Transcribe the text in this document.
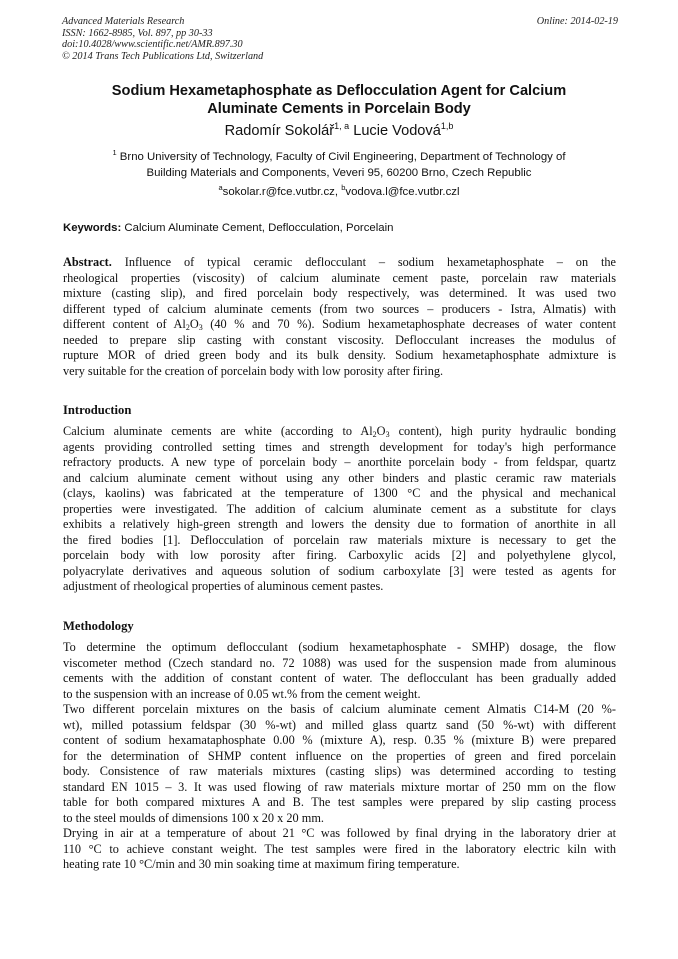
Advanced Materials Research
ISSN: 1662-8985, Vol. 897, pp 30-33
doi:10.4028/www.scientific.net/AMR.897.30
© 2014 Trans Tech Publications Ltd, Switzerland
Online: 2014-02-19
Sodium Hexametaphosphate as Deflocculation Agent for Calcium
Aluminate Cements in Porcelain Body
Radomír Sokolář$^{1, a}$ Lucie Vodová$^{1,b}$
$^1$ Brno University of Technology, Faculty of Civil Engineering, Department of Technology of
Building Materials and Components, Veveri 95, 60200 Brno, Czech Republic
$^a$sokolar.r@fce.vutbr.cz, $^b$vodova.l@fce.vutbr.czl
Keywords: Calcium Aluminate Cement, Deflocculation, Porcelain
Abstract. Influence of typical ceramic deflocculant – sodium hexametaphosphate – on the
rheological properties (viscosity) of calcium aluminate cement paste, porcelain raw materials
mixture (casting slip), and fired porcelain body respectively, was determined. It was used two
different typed of calcium aluminate cements (from two sources – producers - Istra, Almatis) with
different content of $Al_2O_3$ (40 % and 70 %). Sodium hexametaphosphate decreases of water content
needed to prepare slip casting with constant viscosity. Deflocculant increases the modulus of
rupture MOR of dried green body and its bulk density. Sodium hexametaphosphate admixture is
very suitable for the creation of porcelain body with low porosity after firing.
Introduction
Calcium aluminate cements are white (according to $Al_2O_3$ content), high purity hydraulic bonding
agents providing controlled setting times and strength development for today's high performance
refractory products. A new type of porcelain body – anorthite porcelain body - from feldspar, quartz
and calcium aluminate cement without using any other binders and plastic ceramic raw materials
(clays, kaolins) was fabricated at the temperature of 1300 °C and the physical and mechanical
properties were investigated. The addition of calcium aluminate cement as a substitute for clays
exhibits a relatively high-green strength and lowers the density due to formation of anorthite in all
the fired bodies [1]. Deflocculation of porcelain raw materials mixture is necessary to get the
porcelain body with low porosity after firing. Carboxylic acids [2] and polyethylene glycol,
polyacrylate derivatives and aqueous solution of sodium carboxylate [3] were tested as agents for
adjustment of rheological properties of aluminous cement pastes.
Methodology
To determine the optimum deflocculant (sodium hexametaphosphate - SMHP) dosage, the flow
viscometer method (Czech standard no. 72 1088) was used for the suspension made from aluminous
cements with the addition of constant content of water. The deflocculant has been gradually added
to the suspension with an increase of 0.05 wt.% from the cement weight.
Two different porcelain mixtures on the basis of calcium aluminate cement Almatis C14-M (20 %-
wt), milled potassium feldspar (30 %-wt) and milled glass quartz sand (50 %-wt) with different
content of sodium hexamataphosphate 0.00 % (mixture A), resp. 0.35 % (mixture B) were prepared
for the determination of SHMP content influence on the properties of green and fired porcelain
body. Consistence of raw materials mixtures (casting slips) was determined according to testing
standard EN 1015 – 3. It was used flowing of raw materials mixture mortar of 250 mm on the flow
table for both compared mixtures A and B. The test samples were prepared by slip casting process
to the steel moulds of dimensions 100 x 20 x 20 mm.
Drying in air at a temperature of about 21 °C was followed by final drying in the laboratory drier at
110 °C to achieve constant weight. The test samples were fired in the laboratory electric kiln with
heating rate 10 °C/min and 30 min soaking time at maximum firing temperature.
